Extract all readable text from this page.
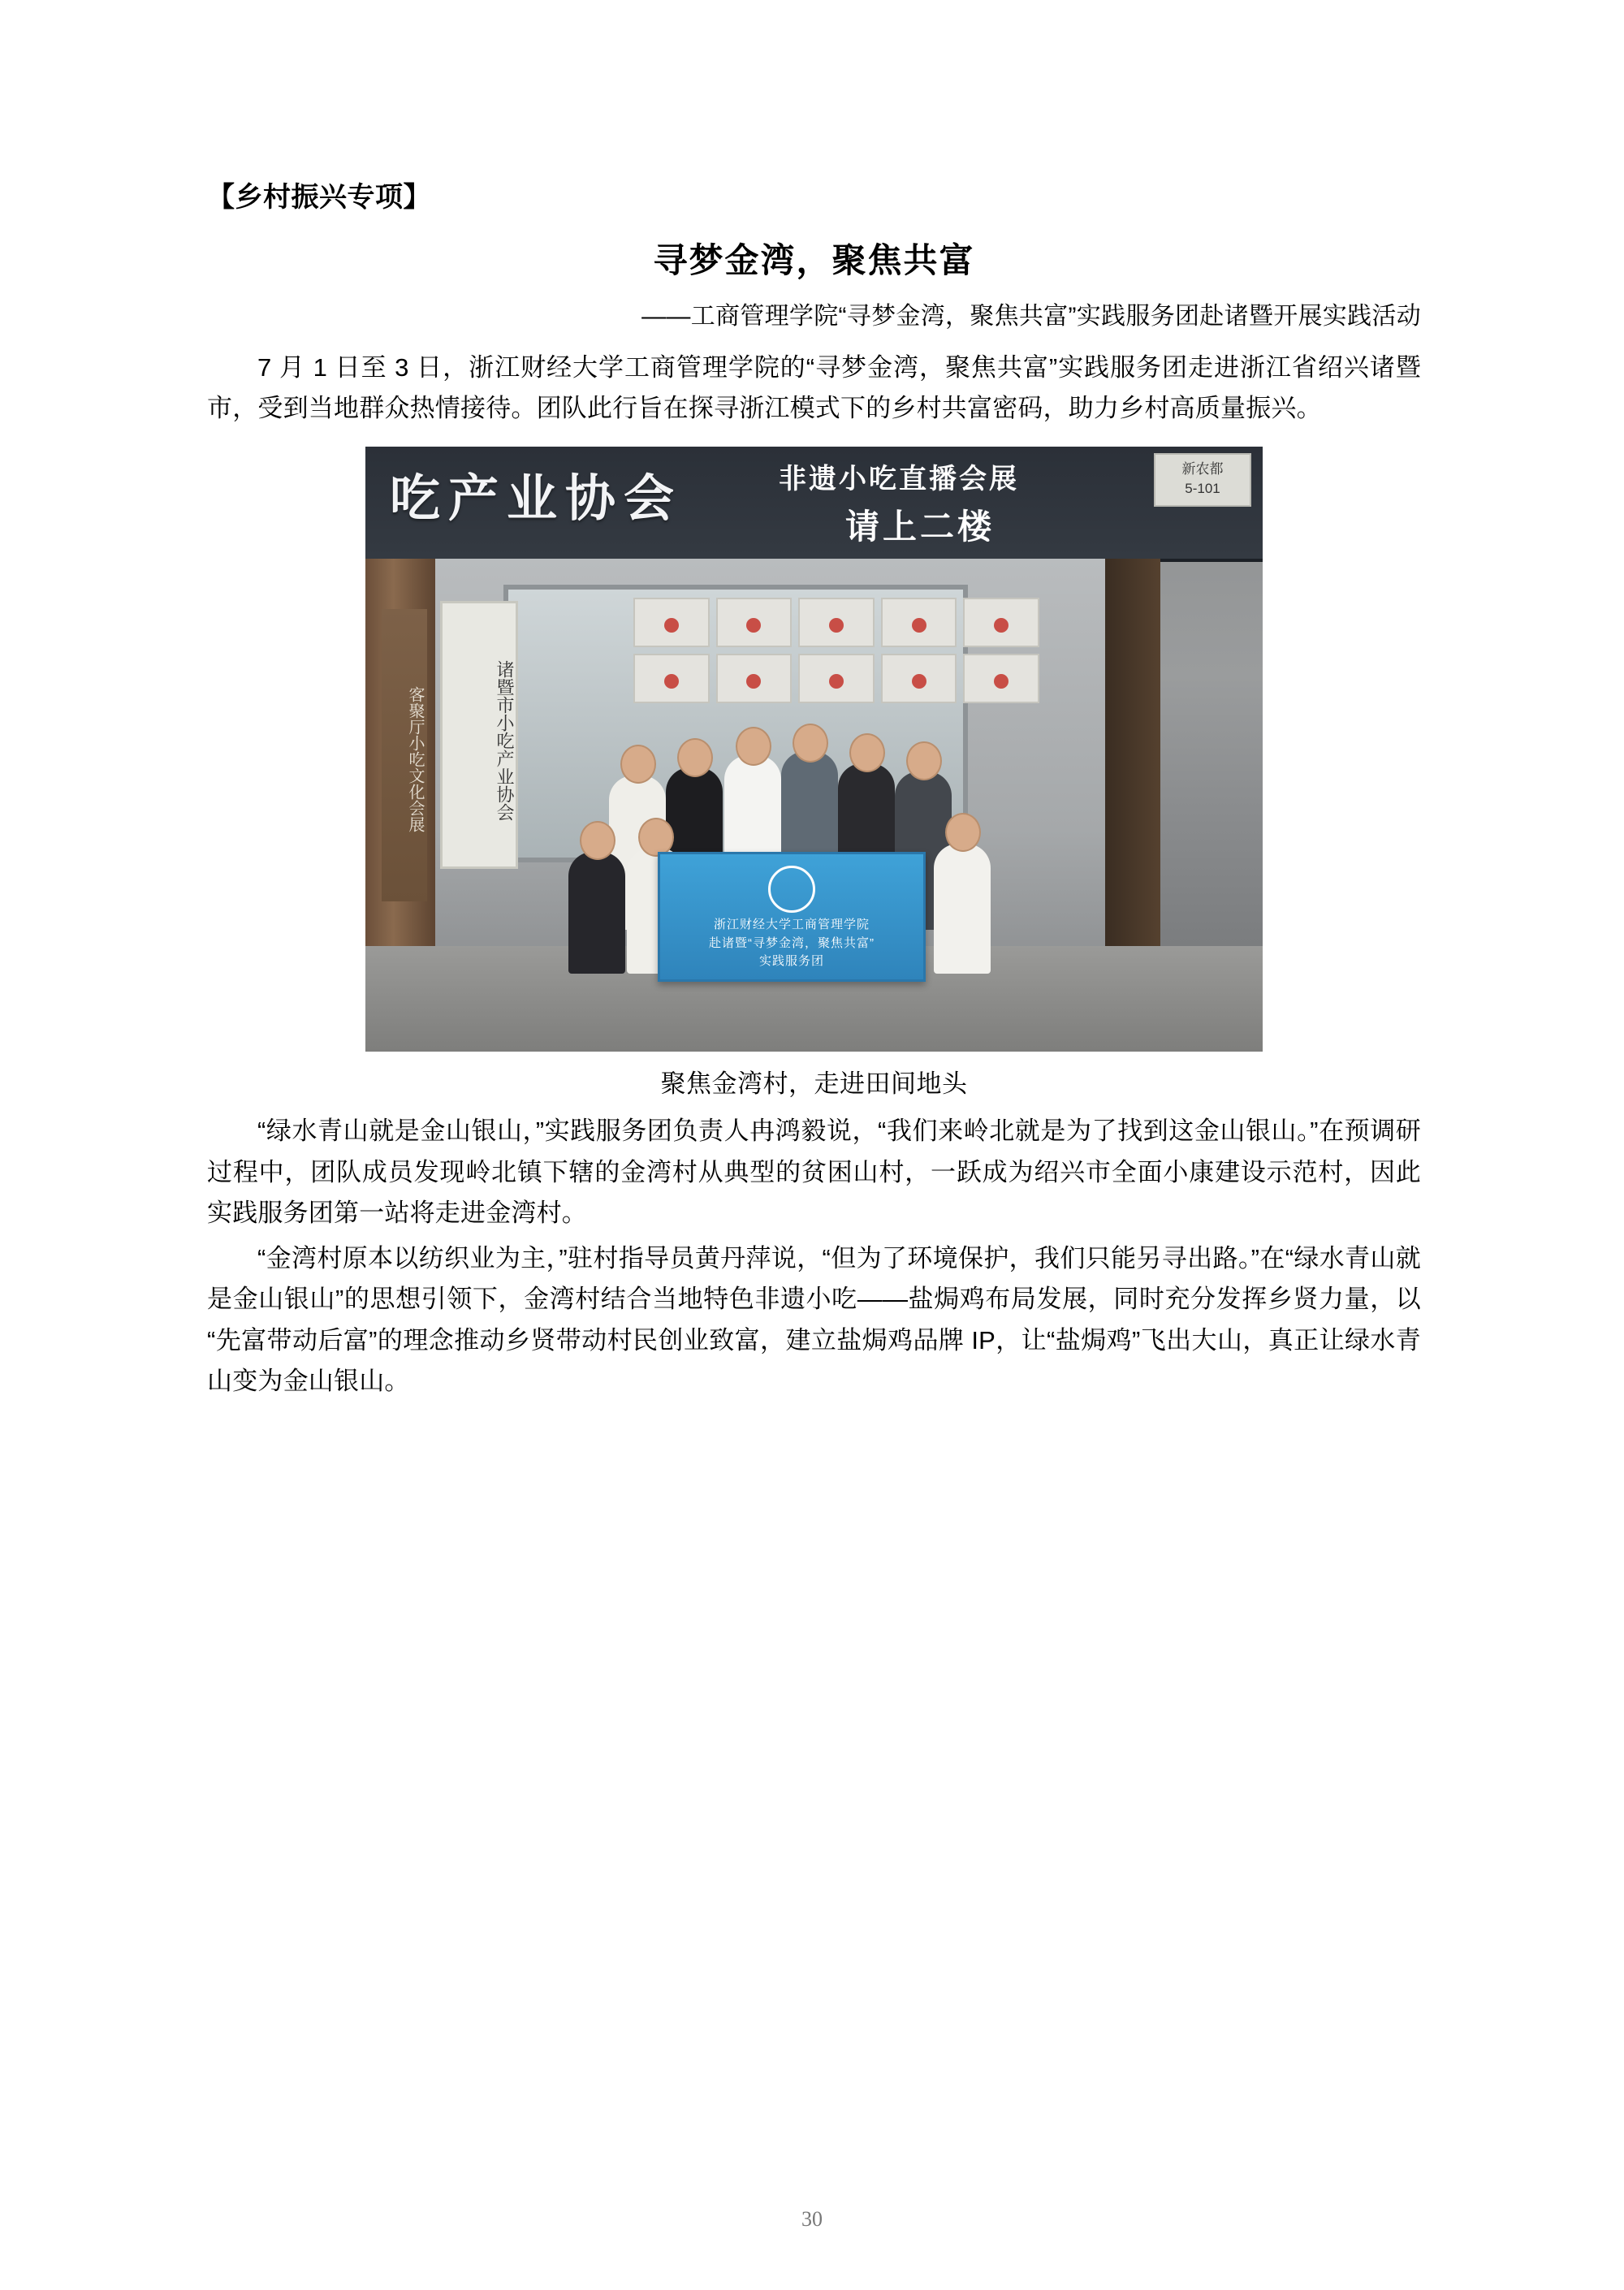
【乡村振兴专项】
寻梦金湾，聚焦共富
——工商管理学院“寻梦金湾，聚焦共富”实践服务团赴诸暨开展实践活动

7 月 1 日至 3 日，浙江财经大学工商管理学院的“寻梦金湾，聚焦共富”实践服务团走进浙江省绍兴诸暨市，受到当地群众热情接待。团队此行旨在探寻浙江模式下的乡村共富密码，助力乡村高质量振兴。

吃产业协会	非遗小吃直播会展
请上二楼
新农都
5-101
诸暨市小吃产业协会
客聚厅小吃文化会展
浙江财经大学工商管理学院
赴诸暨“寻梦金湾，聚焦共富”
实践服务团
聚焦金湾村，走进田间地头

“绿水青山就是金山银山，”实践服务团负责人冉鸿毅说，“我们来岭北就是为了找到这金山银山。”在预调研过程中，团队成员发现岭北镇下辖的金湾村从典型的贫困山村，一跃成为绍兴市全面小康建设示范村，因此实践服务团第一站将走进金湾村。

“金湾村原本以纺织业为主，”驻村指导员黄丹萍说，“但为了环境保护，我们只能另寻出路。”在“绿水青山就是金山银山”的思想引领下，金湾村结合当地特色非遗小吃——盐焗鸡布局发展，同时充分发挥乡贤力量，以“先富带动后富”的理念推动乡贤带动村民创业致富，建立盐焗鸡品牌 IP，让“盐焗鸡”飞出大山，真正让绿水青山变为金山银山。

30
